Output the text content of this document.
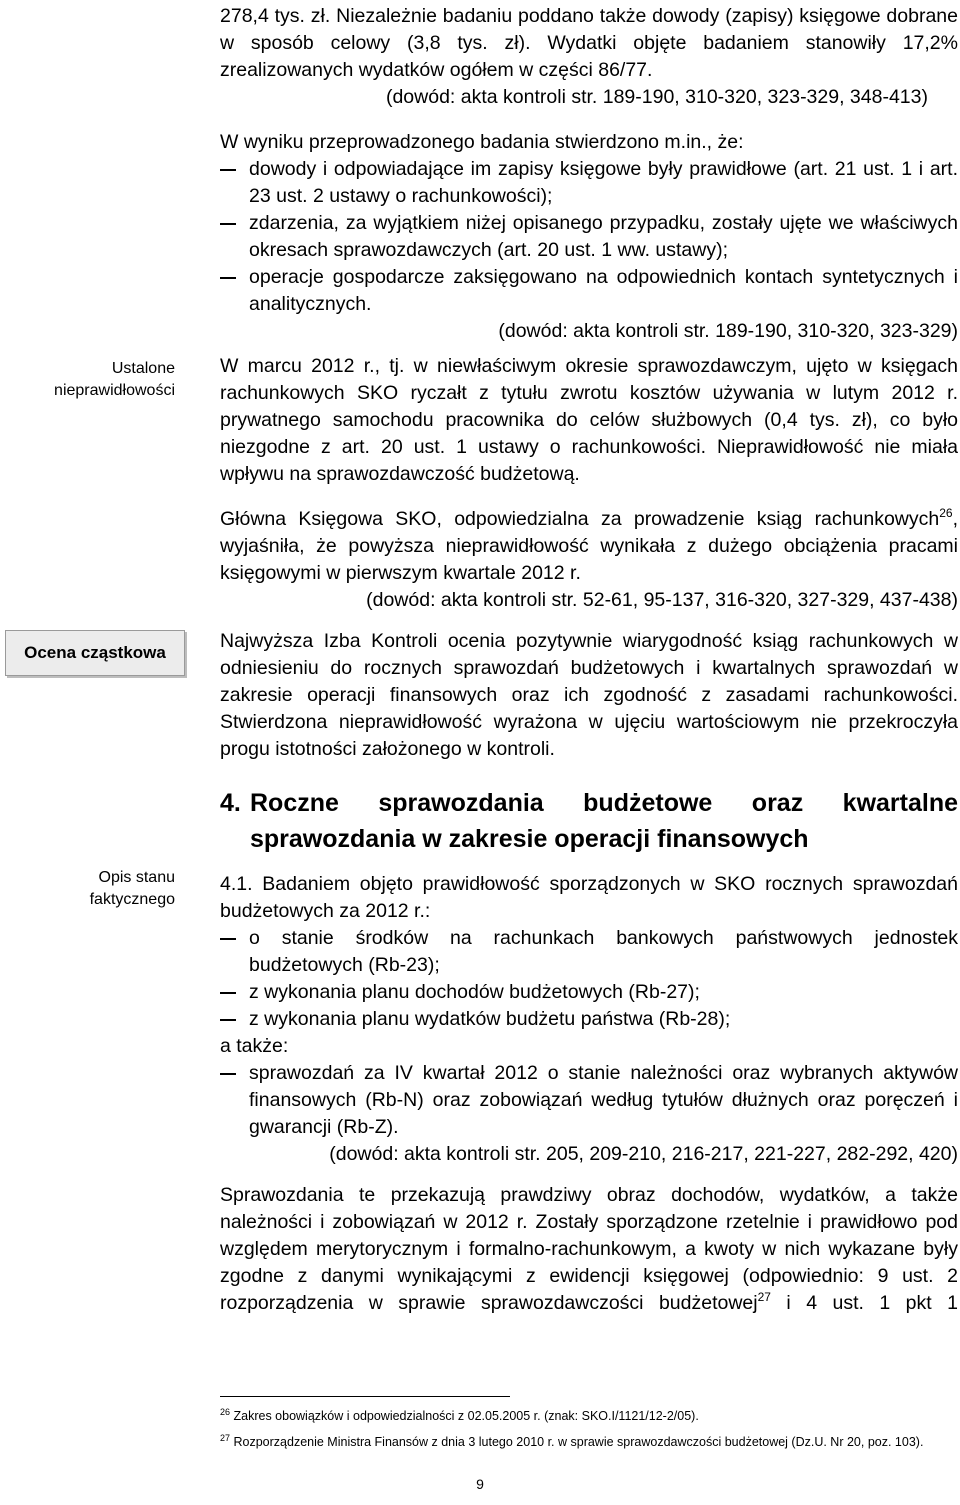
Ustalone nieprawidłowości
Ocena cząstkowa
Opis stanu faktycznego

278,4 tys. zł. Niezależnie badaniu poddano także dowody (zapisy) księgowe dobrane w sposób celowy (3,8 tys. zł). Wydatki objęte badaniem stanowiły 17,2% zrealizowanych wydatków ogółem w części 86/77.

(dowód: akta kontroli str. 189-190, 310-320, 323-329, 348-413)

W wyniku przeprowadzonego badania stwierdzono m.in., że:

dowody i odpowiadające im zapisy księgowe były prawidłowe (art. 21 ust. 1 i art. 23 ust. 2 ustawy o rachunkowości);
zdarzenia, za wyjątkiem niżej opisanego przypadku, zostały ujęte we właściwych okresach sprawozdawczych (art. 20 ust. 1 ww. ustawy);
operacje gospodarcze zaksięgowano na odpowiednich kontach syntetycznych i analitycznych.

(dowód: akta kontroli str. 189-190, 310-320, 323-329)

W marcu 2012 r., tj. w niewłaściwym okresie sprawozdawczym, ujęto w księgach rachunkowych SKO ryczałt z tytułu zwrotu kosztów używania w lutym 2012 r. prywatnego samochodu pracownika do celów służbowych (0,4 tys. zł), co było niezgodne z art. 20 ust. 1 ustawy o rachunkowości. Nieprawidłowość nie miała wpływu na sprawozdawczość budżetową.

Główna Księgowa SKO, odpowiedzialna za prowadzenie ksiąg rachunkowych$^{26}$, wyjaśniła, że powyższa nieprawidłowość wynikała z dużego obciążenia pracami księgowymi w pierwszym kwartale 2012 r.

(dowód: akta kontroli str. 52-61, 95-137, 316-320, 327-329, 437-438)

Najwyższa Izba Kontroli ocenia pozytywnie wiarygodność ksiąg rachunkowych w odniesieniu do rocznych sprawozdań budżetowych i kwartalnych sprawozdań w zakresie operacji finansowych oraz ich zgodność z zasadami rachunkowości. Stwierdzona nieprawidłowość wyrażona w ujęciu wartościowym nie przekroczyła progu istotności założonego w kontroli.

4. Roczne sprawozdania budżetowe oraz kwartalne sprawozdania w zakresie operacji finansowych

4.1. Badaniem objęto prawidłowość sporządzonych w SKO rocznych sprawozdań budżetowych za 2012 r.:

o stanie środków na rachunkach bankowych państwowych jednostek budżetowych (Rb-23);
z wykonania planu dochodów budżetowych (Rb-27);
z wykonania planu wydatków budżetu państwa (Rb-28);

a także:

sprawozdań za IV kwartał 2012 o stanie należności oraz wybranych aktywów finansowych (Rb-N) oraz zobowiązań według tytułów dłużnych oraz poręczeń i gwarancji (Rb-Z).

(dowód: akta kontroli str. 205, 209-210, 216-217, 221-227, 282-292, 420)

Sprawozdania te przekazują prawdziwy obraz dochodów, wydatków, a także należności i zobowiązań w 2012 r. Zostały sporządzone rzetelnie i prawidłowo pod względem merytorycznym i formalno-rachunkowym, a kwoty w nich wykazane były zgodne z danymi wynikającymi z ewidencji księgowej (odpowiednio: 9 ust. 2 rozporządzenia w sprawie sprawozdawczości budżetowej$^{27}$ i 4 ust. 1 pkt 1

$^{26}$ Zakres obowiązków i odpowiedzialności z 02.05.2005 r. (znak: SKO.I/1121/12-2/05).
$^{27}$ Rozporządzenie Ministra Finansów z dnia 3 lutego 2010 r. w sprawie sprawozdawczości budżetowej (Dz.U. Nr 20, poz. 103).
9
